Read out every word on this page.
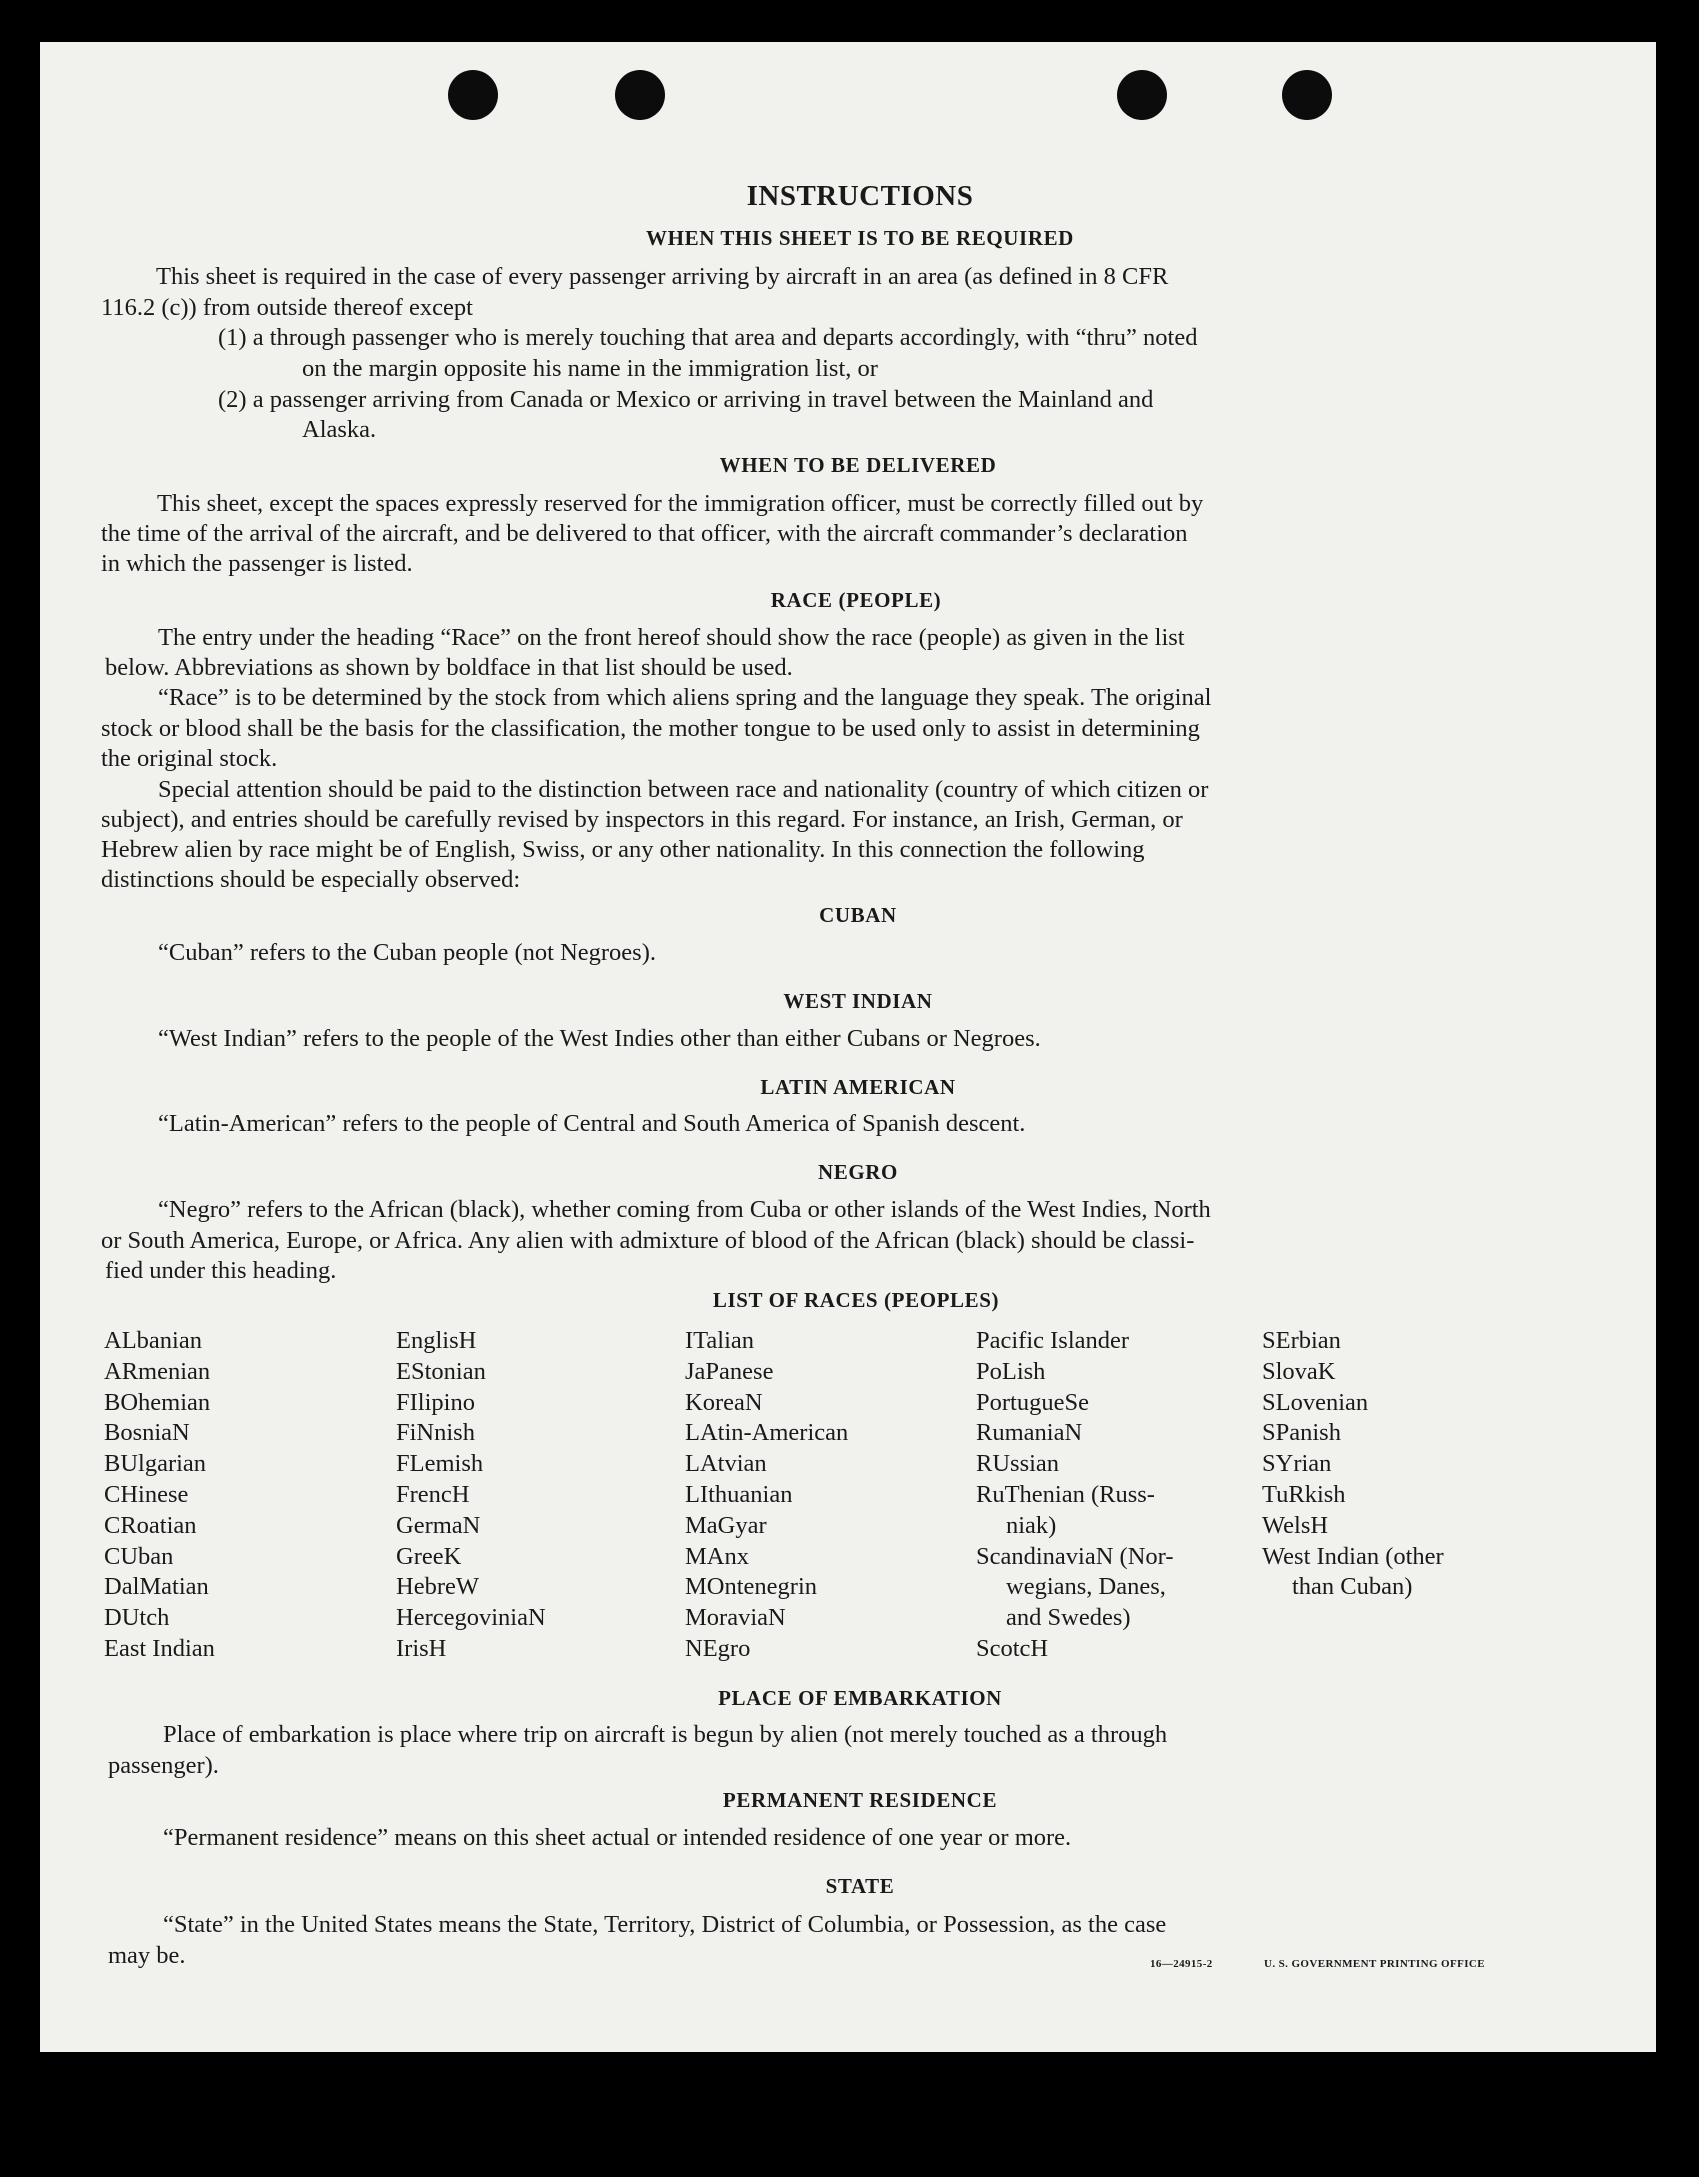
INSTRUCTIONS
WHEN THIS SHEET IS TO BE REQUIRED
This sheet is required in the case of every passenger arriving by aircraft in an area (as defined in 8 CFR
116.2 (c)) from outside thereof except
(1) a through passenger who is merely touching that area and departs accordingly, with “thru” noted
on the margin opposite his name in the immigration list, or
(2) a passenger arriving from Canada or Mexico or arriving in travel between the Mainland and
Alaska.
WHEN TO BE DELIVERED
This sheet, except the spaces expressly reserved for the immigration officer, must be correctly filled out by
the time of the arrival of the aircraft, and be delivered to that officer, with the aircraft commander’s declaration
in which the passenger is listed.
RACE (PEOPLE)
The entry under the heading “Race” on the front hereof should show the race (people) as given in the list
below. Abbreviations as shown by boldface in that list should be used.
“Race” is to be determined by the stock from which aliens spring and the language they speak. The original
stock or blood shall be the basis for the classification, the mother tongue to be used only to assist in determining
the original stock.
Special attention should be paid to the distinction between race and nationality (country of which citizen or
subject), and entries should be carefully revised by inspectors in this regard. For instance, an Irish, German, or
Hebrew alien by race might be of English, Swiss, or any other nationality. In this connection the following
distinctions should be especially observed:
CUBAN
“Cuban” refers to the Cuban people (not Negroes).
WEST INDIAN
“West Indian” refers to the people of the West Indies other than either Cubans or Negroes.
LATIN AMERICAN
“Latin-American” refers to the people of Central and South America of Spanish descent.
NEGRO
“Negro” refers to the African (black), whether coming from Cuba or other islands of the West Indies, North
or South America, Europe, or Africa. Any alien with admixture of blood of the African (black) should be classi-
fied under this heading.
LIST OF RACES (PEOPLES)
ALbanian
ARmenian
BOhemian
BosniaN
BUlgarian
CHinese
CRoatian
CUban
DalMatian
DUtch
East Indian
EnglisH
EStonian
FIlipino
FiNnish
FLemish
FrencH
GermaN
GreeK
HebreW
HercegoviniaN
IrisH
ITalian
JaPanese
KoreaN
LAtin-American
LAtvian
LIthuanian
MaGyar
MAnx
MOntenegrin
MoraviaN
NEgro
Pacific Islander
PoLish
PortugueSe
RumaniaN
RUssian
RuThenian (Russ-
niak)
ScandinaviaN (Nor-
wegians, Danes,
and Swedes)
ScotcH
SErbian
SlovaK
SLovenian
SPanish
SYrian
TuRkish
WelsH
West Indian (other
than Cuban)
PLACE OF EMBARKATION
Place of embarkation is place where trip on aircraft is begun by alien (not merely touched as a through
passenger).
PERMANENT RESIDENCE
“Permanent residence” means on this sheet actual or intended residence of one year or more.
STATE
“State” in the United States means the State, Territory, District of Columbia, or Possession, as the case
may be.	16—24915-2	U. S. GOVERNMENT PRINTING OFFICE
